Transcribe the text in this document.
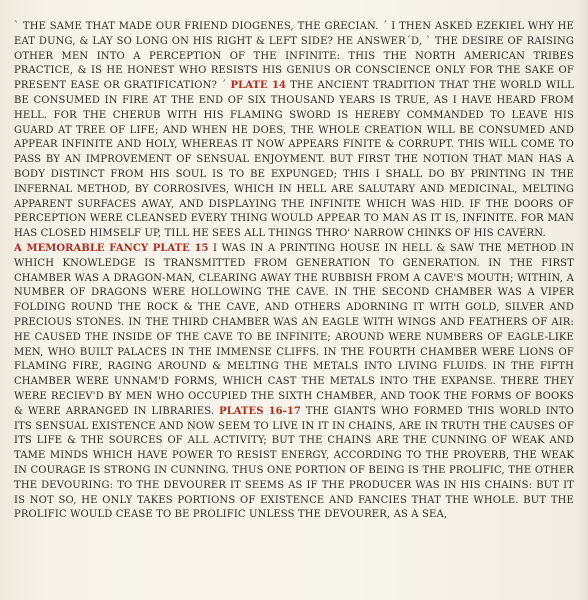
` THE SAME THAT MADE OUR FRIEND DIOGENES, THE GRECIAN. ´ I THEN ASKED EZEKIEL WHY HE EAT DUNG, & LAY SO LONG ON HIS RIGHT & LEFT SIDE? HE ANSWER´D, ` THE DESIRE OF RAISING OTHER MEN INTO A PERCEPTION OF THE INFINITE: THIS THE NORTH AMERICAN TRIBES PRACTICE, & IS HE HONEST WHO RESISTS HIS GENIUS OR CONSCIENCE ONLY FOR THE SAKE OF PRESENT EASE OR GRATIFICATION? ´ PLATE 14 THE ANCIENT TRADITION THAT THE WORLD WILL BE CONSUMED IN FIRE AT THE END OF SIX THOUSAND YEARS IS TRUE, AS I HAVE HEARD FROM HELL. FOR THE CHERUB WITH HIS FLAMING SWORD IS HEREBY COMMANDED TO LEAVE HIS GUARD AT TREE OF LIFE; AND WHEN HE DOES, THE WHOLE CREATION WILL BE CONSUMED AND APPEAR INFINITE AND HOLY, WHEREAS IT NOW APPEARS FINITE & CORRUPT. THIS WILL COME TO PASS BY AN IMPROVEMENT OF SENSUAL ENJOYMENT. BUT FIRST THE NOTION THAT MAN HAS A BODY DISTINCT FROM HIS SOUL IS TO BE EXPUNGED; THIS I SHALL DO BY PRINTING IN THE INFERNAL METHOD, BY CORROSIVES, WHICH IN HELL ARE SALUTARY AND MEDICINAL, MELTING APPARENT SURFACES AWAY, AND DISPLAYING THE INFINITE WHICH WAS HID. IF THE DOORS OF PERCEPTION WERE CLEANSED EVERY THING WOULD APPEAR TO MAN AS IT IS, INFINITE. FOR MAN HAS CLOSED HIMSELF UP, TILL HE SEES ALL THINGS THRO' NARROW CHINKS OF HIS CAVERN.

A MEMORABLE FANCY PLATE 15 I WAS IN A PRINTING HOUSE IN HELL & SAW THE METHOD IN WHICH KNOWLEDGE IS TRANSMITTED FROM GENERATION TO GENERATION. IN THE FIRST CHAMBER WAS A DRAGON-MAN, CLEARING AWAY THE RUBBISH FROM A CAVE'S MOUTH; WITHIN, A NUMBER OF DRAGONS WERE HOLLOWING THE CAVE. IN THE SECOND CHAMBER WAS A VIPER FOLDING ROUND THE ROCK & THE CAVE, AND OTHERS ADORNING IT WITH GOLD, SILVER AND PRECIOUS STONES. IN THE THIRD CHAMBER WAS AN EAGLE WITH WINGS AND FEATHERS OF AIR: HE CAUSED THE INSIDE OF THE CAVE TO BE INFINITE; AROUND WERE NUMBERS OF EAGLE-LIKE MEN, WHO BUILT PALACES IN THE IMMENSE CLIFFS. IN THE FOURTH CHAMBER WERE LIONS OF FLAMING FIRE, RAGING AROUND & MELTING THE METALS INTO LIVING FLUIDS. IN THE FIFTH CHAMBER WERE UNNAM'D FORMS, WHICH CAST THE METALS INTO THE EXPANSE. THERE THEY WERE RECIEV'D BY MEN WHO OCCUPIED THE SIXTH CHAMBER, AND TOOK THE FORMS OF BOOKS & WERE ARRANGED IN LIBRARIES. PLATES 16-17 THE GIANTS WHO FORMED THIS WORLD INTO ITS SENSUAL EXISTENCE AND NOW SEEM TO LIVE IN IT IN CHAINS, ARE IN TRUTH THE CAUSES OF ITS LIFE & THE SOURCES OF ALL ACTIVITY; BUT THE CHAINS ARE THE CUNNING OF WEAK AND TAME MINDS WHICH HAVE POWER TO RESIST ENERGY, ACCORDING TO THE PROVERB, THE WEAK IN COURAGE IS STRONG IN CUNNING. THUS ONE PORTION OF BEING IS THE PROLIFIC, THE OTHER THE DEVOURING: TO THE DEVOURER IT SEEMS AS IF THE PRODUCER WAS IN HIS CHAINS: BUT IT IS NOT SO, HE ONLY TAKES PORTIONS OF EXISTENCE AND FANCIES THAT THE WHOLE. BUT THE PROLIFIC WOULD CEASE TO BE PROLIFIC UNLESS THE DEVOURER, AS A SEA,
